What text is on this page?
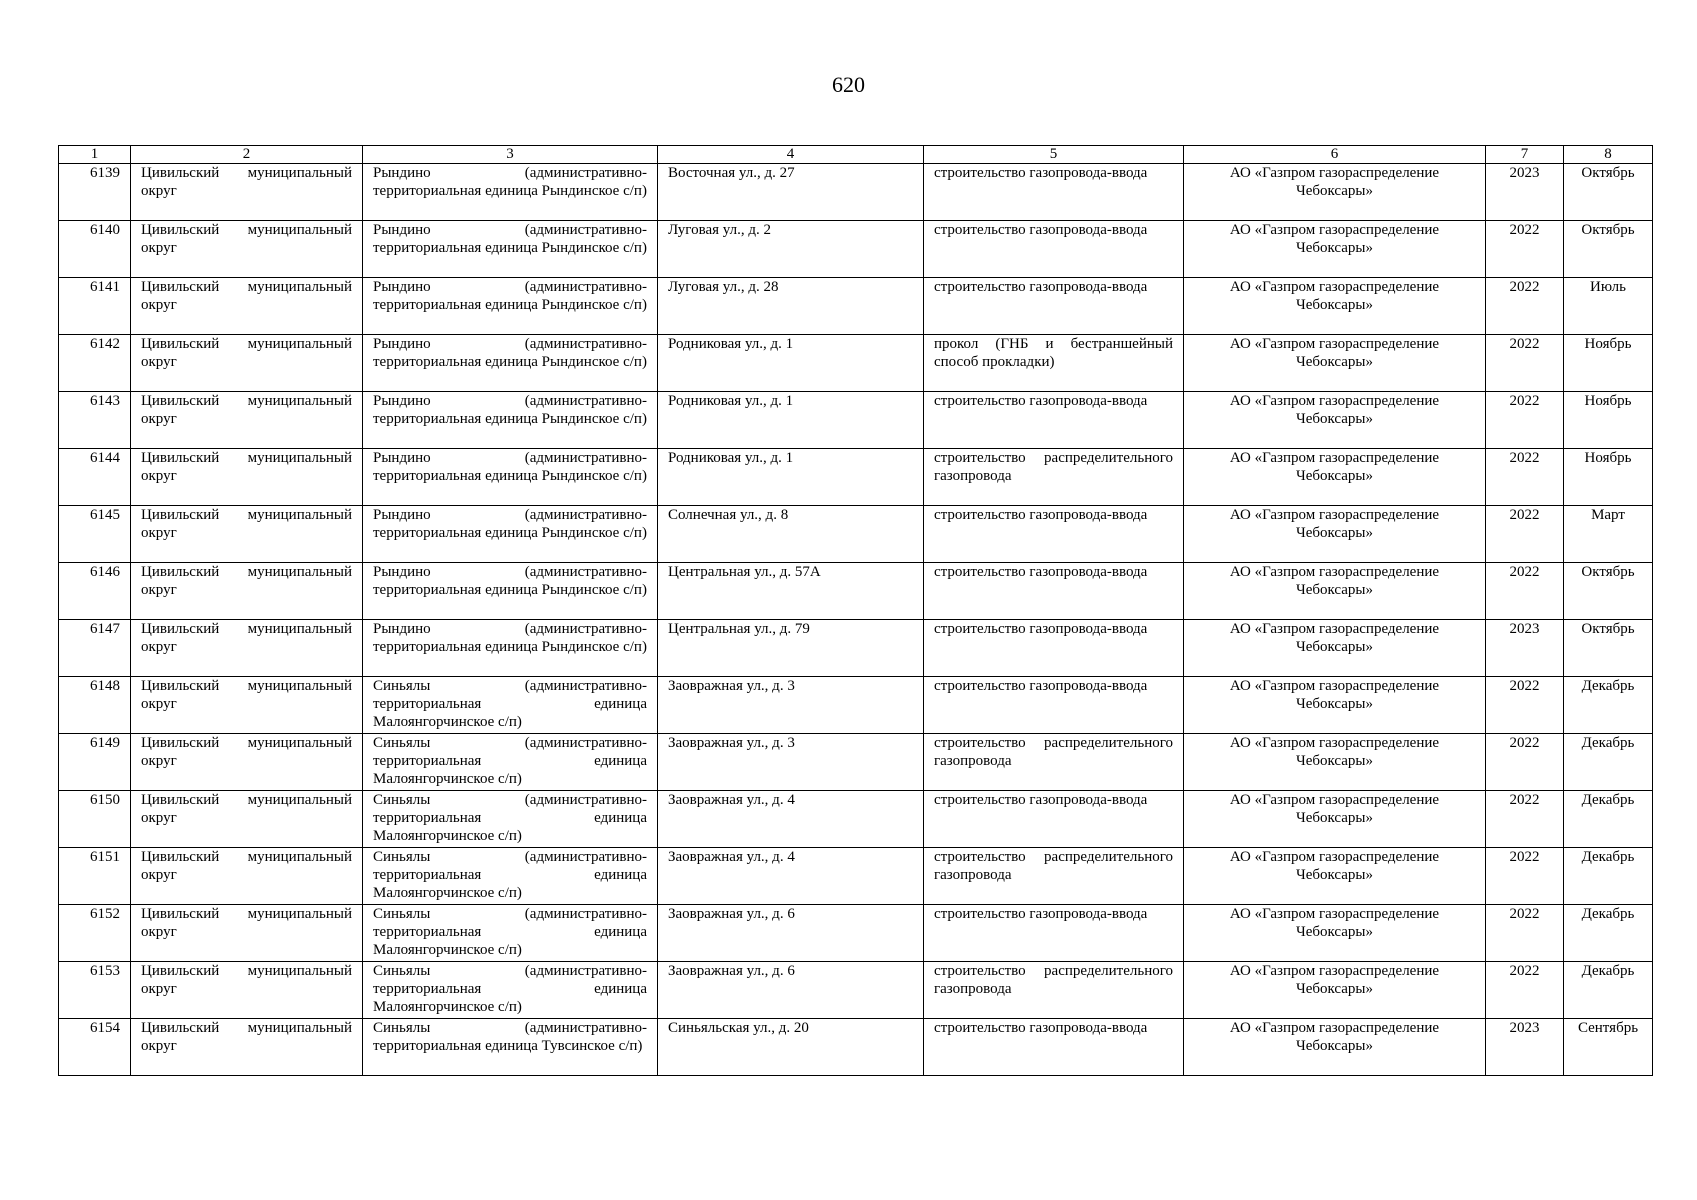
620
1	2	3	4	5	6	7	8
6139	Цивильский муниципальный округ	Рындино (административно-территориальная единица Рындинское с/п)	Восточная ул., д. 27	строительство газопровода-ввода	АО «Газпром газораспределение Чебоксары»	2023	Октябрь
6140	Цивильский муниципальный округ	Рындино (административно-территориальная единица Рындинское с/п)	Луговая ул., д. 2	строительство газопровода-ввода	АО «Газпром газораспределение Чебоксары»	2022	Октябрь
6141	Цивильский муниципальный округ	Рындино (административно-территориальная единица Рындинское с/п)	Луговая ул., д. 28	строительство газопровода-ввода	АО «Газпром газораспределение Чебоксары»	2022	Июль
6142	Цивильский муниципальный округ	Рындино (административно-территориальная единица Рындинское с/п)	Родниковая ул., д. 1	прокол (ГНБ и бестраншейный способ прокладки)	АО «Газпром газораспределение Чебоксары»	2022	Ноябрь
6143	Цивильский муниципальный округ	Рындино (административно-территориальная единица Рындинское с/п)	Родниковая ул., д. 1	строительство газопровода-ввода	АО «Газпром газораспределение Чебоксары»	2022	Ноябрь
6144	Цивильский муниципальный округ	Рындино (административно-территориальная единица Рындинское с/п)	Родниковая ул., д. 1	строительство распределительного газопровода	АО «Газпром газораспределение Чебоксары»	2022	Ноябрь
6145	Цивильский муниципальный округ	Рындино (административно-территориальная единица Рындинское с/п)	Солнечная ул., д. 8	строительство газопровода-ввода	АО «Газпром газораспределение Чебоксары»	2022	Март
6146	Цивильский муниципальный округ	Рындино (административно-территориальная единица Рындинское с/п)	Центральная ул., д. 57А	строительство газопровода-ввода	АО «Газпром газораспределение Чебоксары»	2022	Октябрь
6147	Цивильский муниципальный округ	Рындино (административно-территориальная единица Рындинское с/п)	Центральная ул., д. 79	строительство газопровода-ввода	АО «Газпром газораспределение Чебоксары»	2023	Октябрь
6148	Цивильский муниципальный округ	Синьялы (административно-территориальная единица Малоянгорчинское с/п)	Заовражная ул., д. 3	строительство газопровода-ввода	АО «Газпром газораспределение Чебоксары»	2022	Декабрь
6149	Цивильский муниципальный округ	Синьялы (административно-территориальная единица Малоянгорчинское с/п)	Заовражная ул., д. 3	строительство распределительного газопровода	АО «Газпром газораспределение Чебоксары»	2022	Декабрь
6150	Цивильский муниципальный округ	Синьялы (административно-территориальная единица Малоянгорчинское с/п)	Заовражная ул., д. 4	строительство газопровода-ввода	АО «Газпром газораспределение Чебоксары»	2022	Декабрь
6151	Цивильский муниципальный округ	Синьялы (административно-территориальная единица Малоянгорчинское с/п)	Заовражная ул., д. 4	строительство распределительного газопровода	АО «Газпром газораспределение Чебоксары»	2022	Декабрь
6152	Цивильский муниципальный округ	Синьялы (административно-территориальная единица Малоянгорчинское с/п)	Заовражная ул., д. 6	строительство газопровода-ввода	АО «Газпром газораспределение Чебоксары»	2022	Декабрь
6153	Цивильский муниципальный округ	Синьялы (административно-территориальная единица Малоянгорчинское с/п)	Заовражная ул., д. 6	строительство распределительного газопровода	АО «Газпром газораспределение Чебоксары»	2022	Декабрь
6154	Цивильский муниципальный округ	Синьялы (административно-территориальная единица Тувсинское с/п)	Синьяльская ул., д. 20	строительство газопровода-ввода	АО «Газпром газораспределение Чебоксары»	2023	Сентябрь
